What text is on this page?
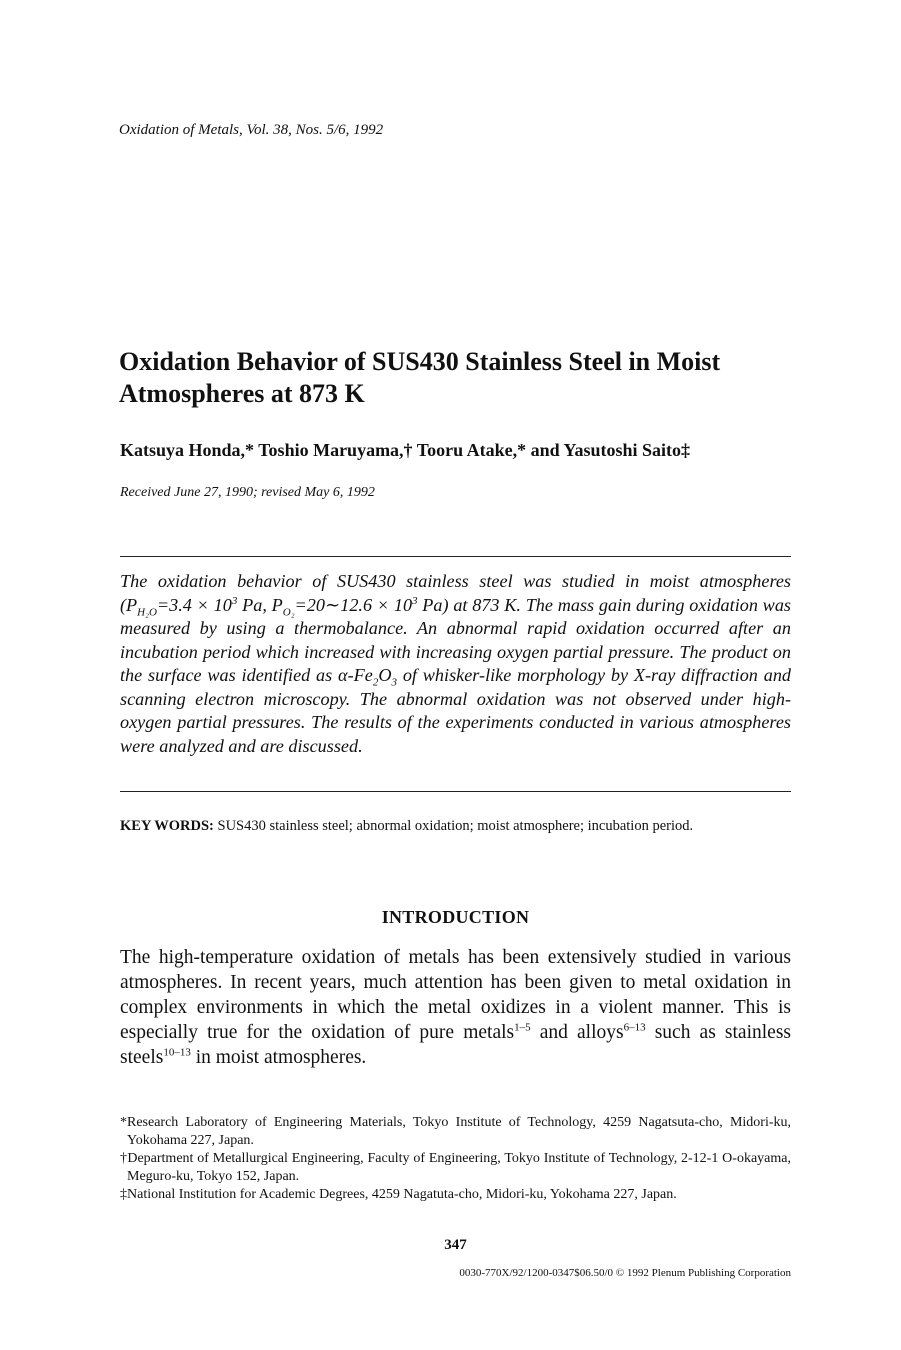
Oxidation of Metals, Vol. 38, Nos. 5/6, 1992
Oxidation Behavior of SUS430 Stainless Steel in Moist Atmospheres at 873 K
Katsuya Honda,* Toshio Maruyama,† Tooru Atake,* and Yasutoshi Saito‡
Received June 27, 1990; revised May 6, 1992
The oxidation behavior of SUS430 stainless steel was studied in moist atmospheres ($P_{H_2O}=3.4 \times 10^3$ Pa, $P_{O_2}=20\sim 12.6 \times 10^3$ Pa) at 873 K. The mass gain during oxidation was measured by using a thermobalance. An abnormal rapid oxidation occurred after an incubation period which increased with increasing oxygen partial pressure. The product on the surface was identified as $\alpha-Fe_2O_3$ of whisker-like morphology by X-ray diffraction and scanning electron microscopy. The abnormal oxidation was not observed under high-oxygen partial pressures. The results of the experiments conducted in various atmospheres were analyzed and are discussed.
KEY WORDS: SUS430 stainless steel; abnormal oxidation; moist atmosphere; incubation period.
INTRODUCTION
The high-temperature oxidation of metals has been extensively studied in various atmospheres. In recent years, much attention has been given to metal oxidation in complex environments in which the metal oxidizes in a violent manner. This is especially true for the oxidation of pure metals$^{1-5}$ and alloys$^{6-13}$ such as stainless steels$^{10-13}$ in moist atmospheres.
*Research Laboratory of Engineering Materials, Tokyo Institute of Technology, 4259 Nagatsuta-cho, Midori-ku, Yokohama 227, Japan.
†Department of Metallurgical Engineering, Faculty of Engineering, Tokyo Institute of Technology, 2-12-1 O-okayama, Meguro-ku, Tokyo 152, Japan.
‡National Institution for Academic Degrees, 4259 Nagatuta-cho, Midori-ku, Yokohama 227, Japan.
347
0030-770X/92/1200-0347$06.50/0 © 1992 Plenum Publishing Corporation
